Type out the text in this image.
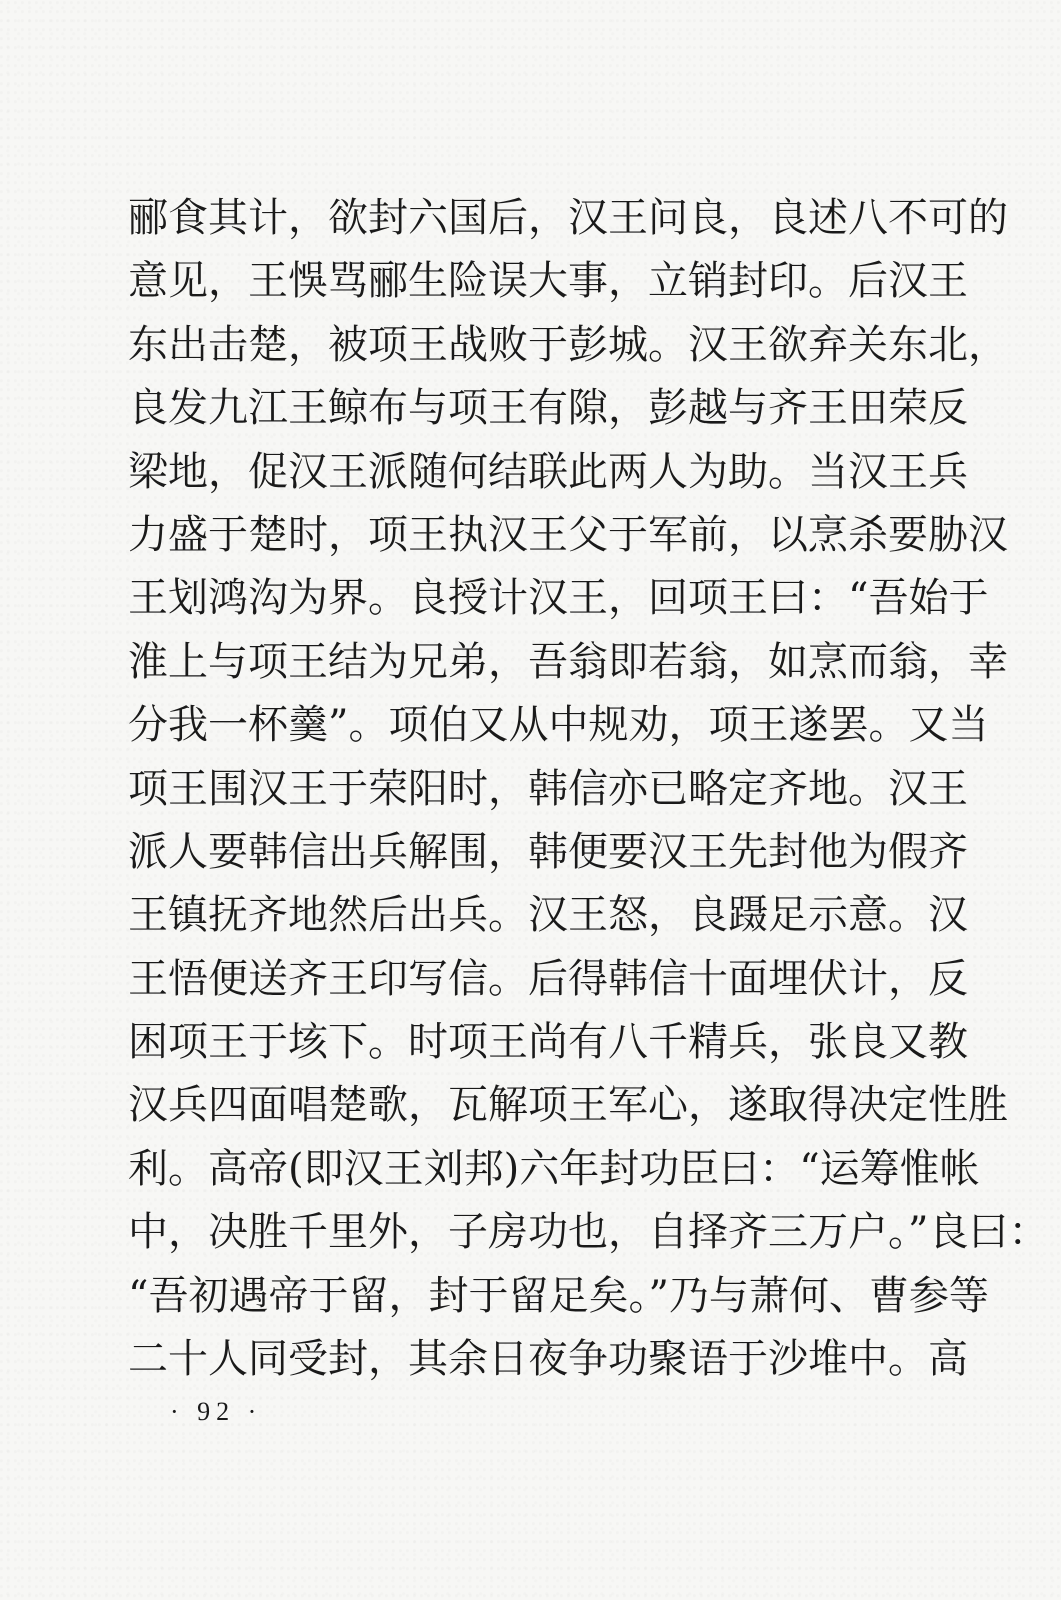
郦食其计，欲封六国后，汉王问良，良述八不可的
意见，王悞骂郦生险误大事，立销封印。后汉王
东出击楚，被项王战败于彭城。汉王欲弃关东北，
良发九江王鲸布与项王有隙，彭越与齐王田荣反
梁地，促汉王派随何结联此两人为助。当汉王兵
力盛于楚时，项王执汉王父于军前，以烹杀要胁汉
王划鸿沟为界。良授计汉王，回项王曰：“吾始于
淮上与项王结为兄弟，吾翁即若翁，如烹而翁，幸
分我一杯羹”。项伯又从中规劝，项王遂罢。又当
项王围汉王于荣阳时，韩信亦已略定齐地。汉王
派人要韩信出兵解围，韩便要汉王先封他为假齐
王镇抚齐地然后出兵。汉王怒，良蹑足示意。汉
王悟便送齐王印写信。后得韩信十面埋伏计，反
困项王于垓下。时项王尚有八千精兵，张良又教
汉兵四面唱楚歌，瓦解项王军心，遂取得决定性胜
利。高帝(即汉王刘邦)六年封功臣曰：“运筹惟帐
中，决胜千里外，子房功也，自择齐三万户。”良曰：
“吾初遇帝于留，封于留足矣。”乃与萧何、曹参等
二十人同受封，其余日夜争功聚语于沙堆中。高
· 92 ·
